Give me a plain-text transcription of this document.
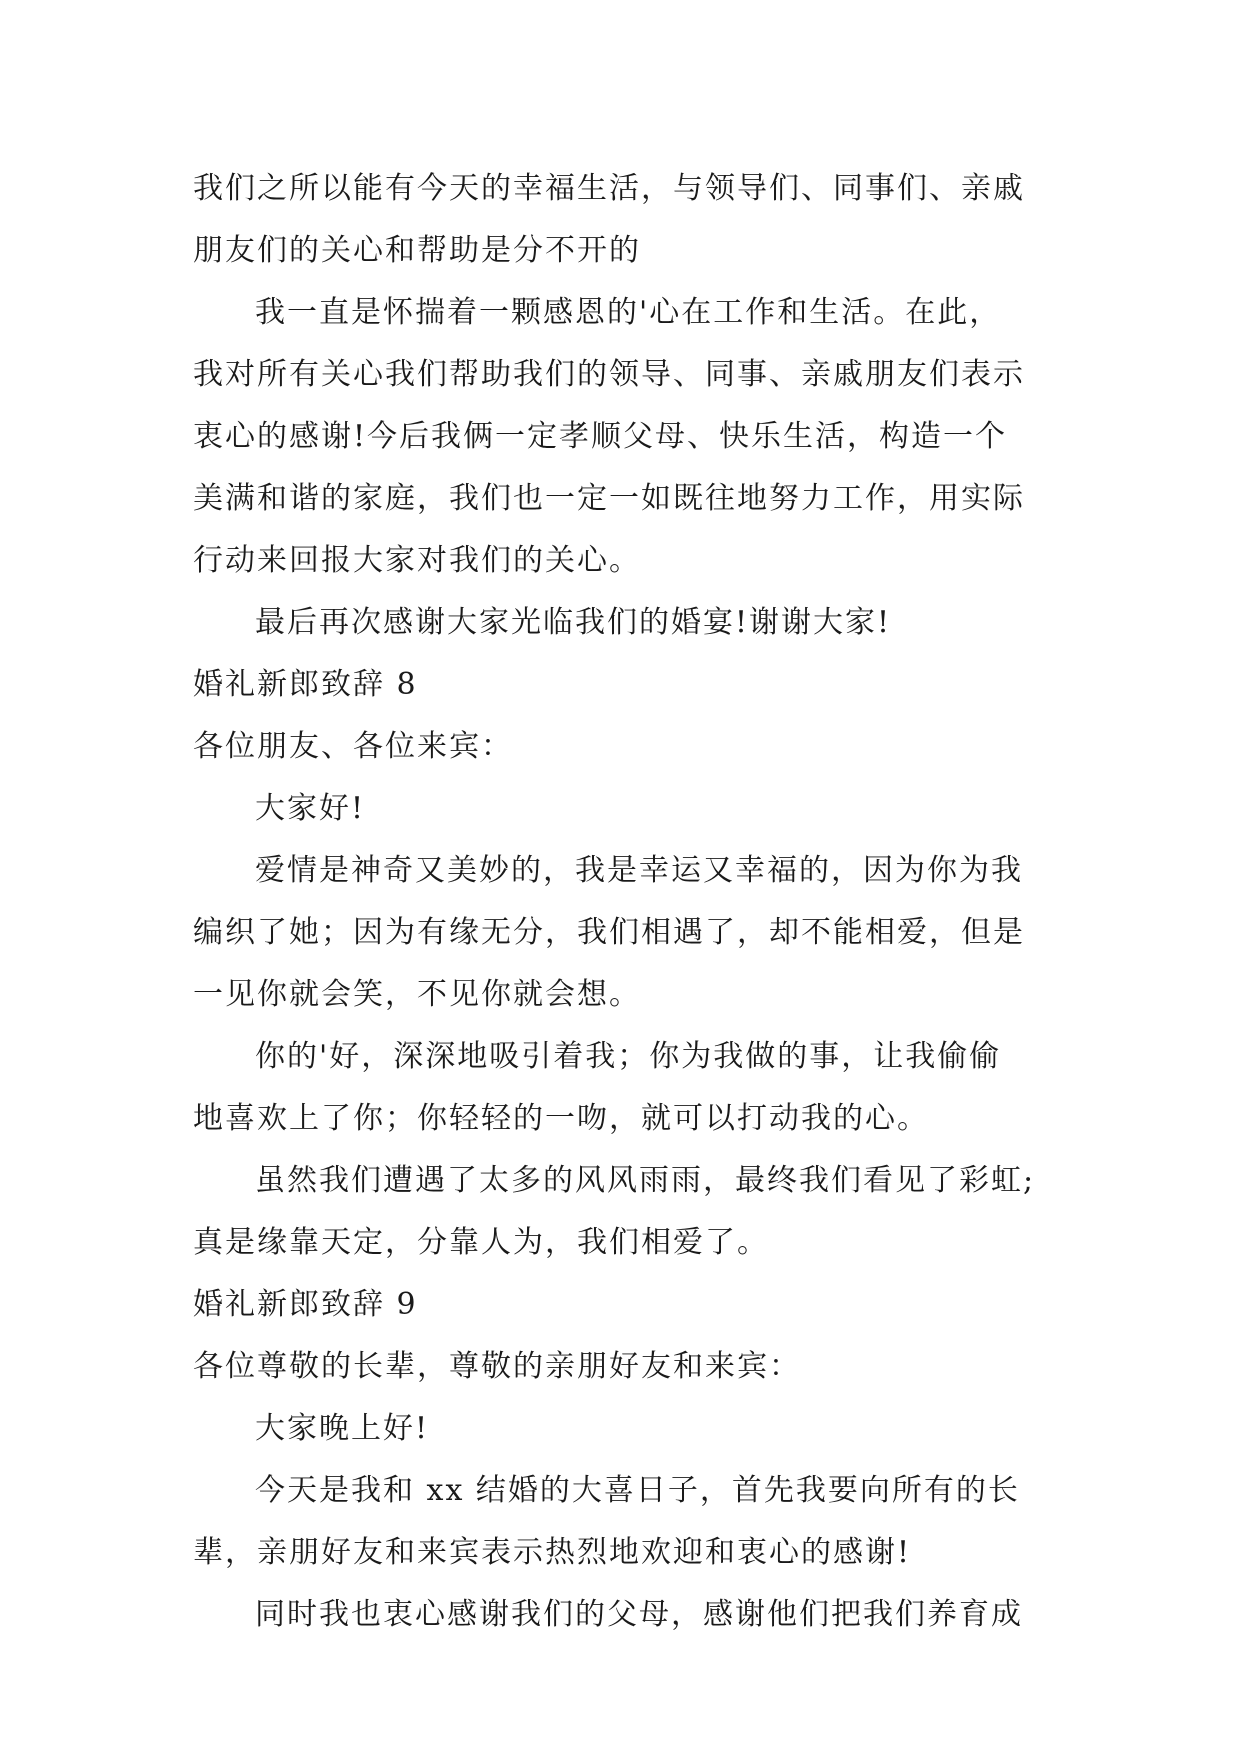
我们之所以能有今天的幸福生活，与领导们、同事们、亲戚
朋友们的关心和帮助是分不开的
我一直是怀揣着一颗感恩的'心在工作和生活。在此，
我对所有关心我们帮助我们的领导、同事、亲戚朋友们表示
衷心的感谢!今后我俩一定孝顺父母、快乐生活，构造一个
美满和谐的家庭，我们也一定一如既往地努力工作，用实际
行动来回报大家对我们的关心。
最后再次感谢大家光临我们的婚宴!谢谢大家!
婚礼新郎致辞 8
各位朋友、各位来宾：
大家好!
爱情是神奇又美妙的，我是幸运又幸福的，因为你为我
编织了她；因为有缘无分，我们相遇了，却不能相爱，但是
一见你就会笑，不见你就会想。
你的'好，深深地吸引着我；你为我做的事，让我偷偷
地喜欢上了你；你轻轻的一吻，就可以打动我的心。
虽然我们遭遇了太多的风风雨雨，最终我们看见了彩虹;
真是缘靠天定，分靠人为，我们相爱了。
婚礼新郎致辞 9
各位尊敬的长辈，尊敬的亲朋好友和来宾：
大家晚上好!
今天是我和 xx 结婚的大喜日子，首先我要向所有的长
辈，亲朋好友和来宾表示热烈地欢迎和衷心的感谢!
同时我也衷心感谢我们的父母，感谢他们把我们养育成
